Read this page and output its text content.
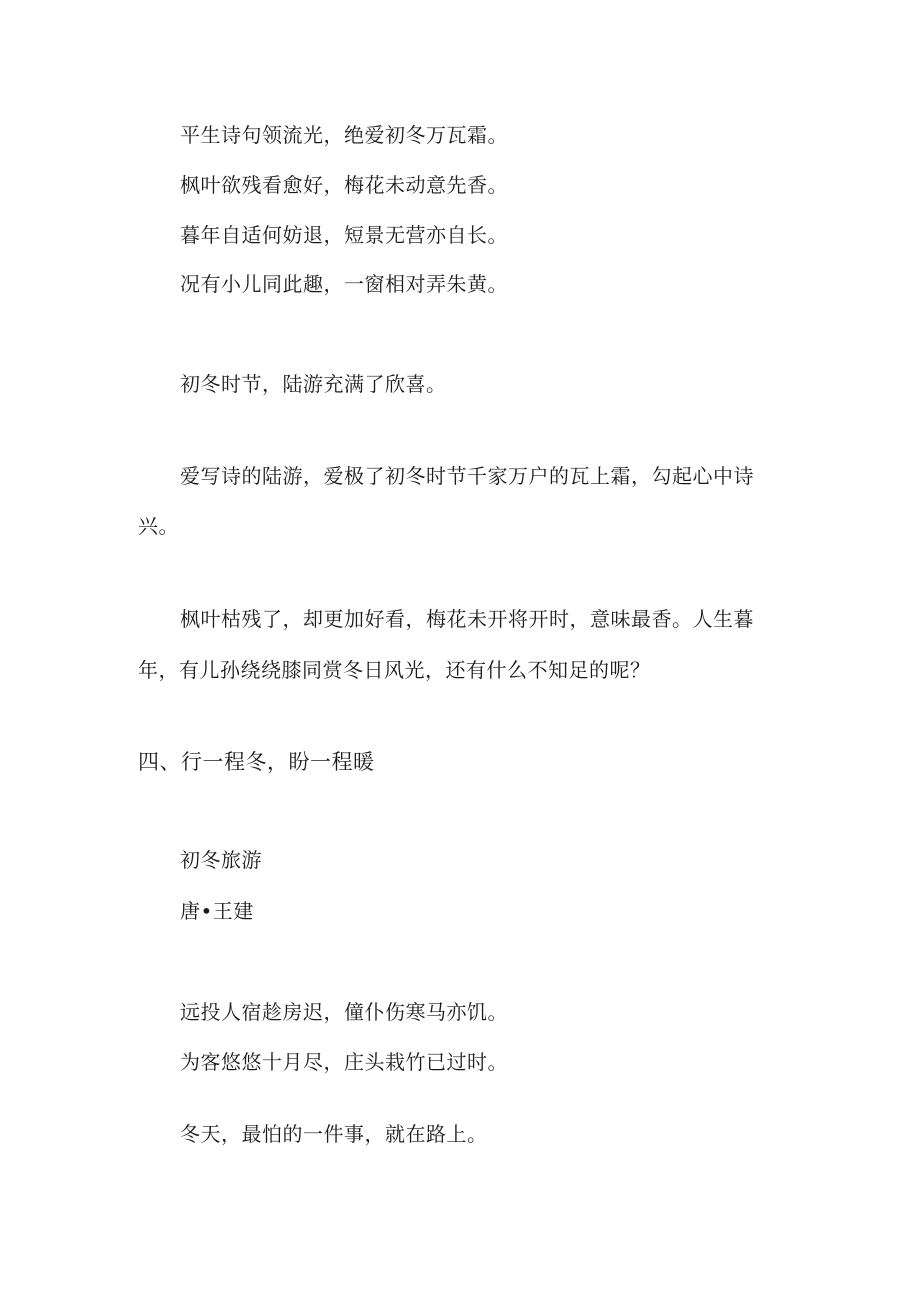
平生诗句领流光，绝爱初冬万瓦霜。
枫叶欲残看愈好，梅花未动意先香。
暮年自适何妨退，短景无营亦自长。
况有小儿同此趣，一窗相对弄朱黄。
初冬时节，陆游充满了欣喜。
爱写诗的陆游，爱极了初冬时节千家万户的瓦上霜，勾起心中诗
兴。
枫叶枯残了，却更加好看，梅花未开将开时，意味最香。人生暮
年，有儿孙绕绕膝同赏冬日风光，还有什么不知足的呢？
四、行一程冬，盼一程暖
初冬旅游
唐•王建
远投人宿趁房迟，僮仆伤寒马亦饥。
为客悠悠十月尽，庄头栽竹已过时。
冬天，最怕的一件事，就在路上。
